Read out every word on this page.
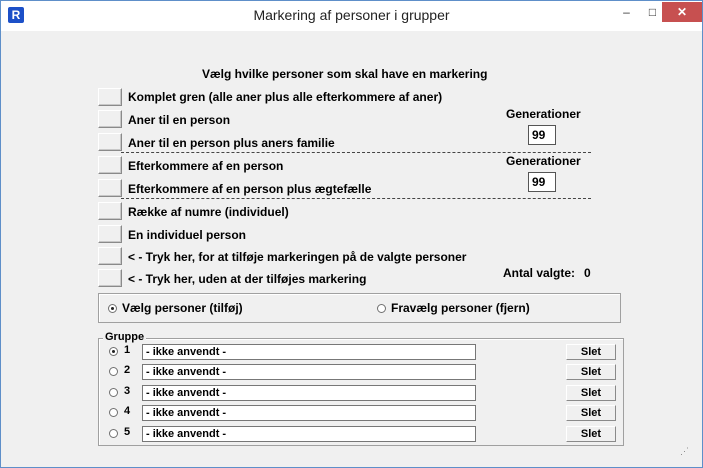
R	Markering af personer i grupper	–	□	✕
Vælg hvilke personer som skal have en markering
Komplet gren (alle aner plus alle efterkommere af aner)
Aner til en person
Aner til en person plus aners familie
Generationer
99
Efterkommere af en person
Efterkommere af en person plus ægtefælle
Generationer
99
Række af numre (individuel)
En individuel person
< - Tryk her, for at tilføje markeringen på de valgte personer
< - Tryk her, uden at der tilføjes markering	Antal valgte: 0
Vælg personer (tilføj)	Fravælg personer (fjern)
Gruppe
1	- ikke anvendt -	Slet
2	- ikke anvendt -	Slet
3	- ikke anvendt -	Slet
4	- ikke anvendt -	Slet
5	- ikke anvendt -	Slet
⋰
